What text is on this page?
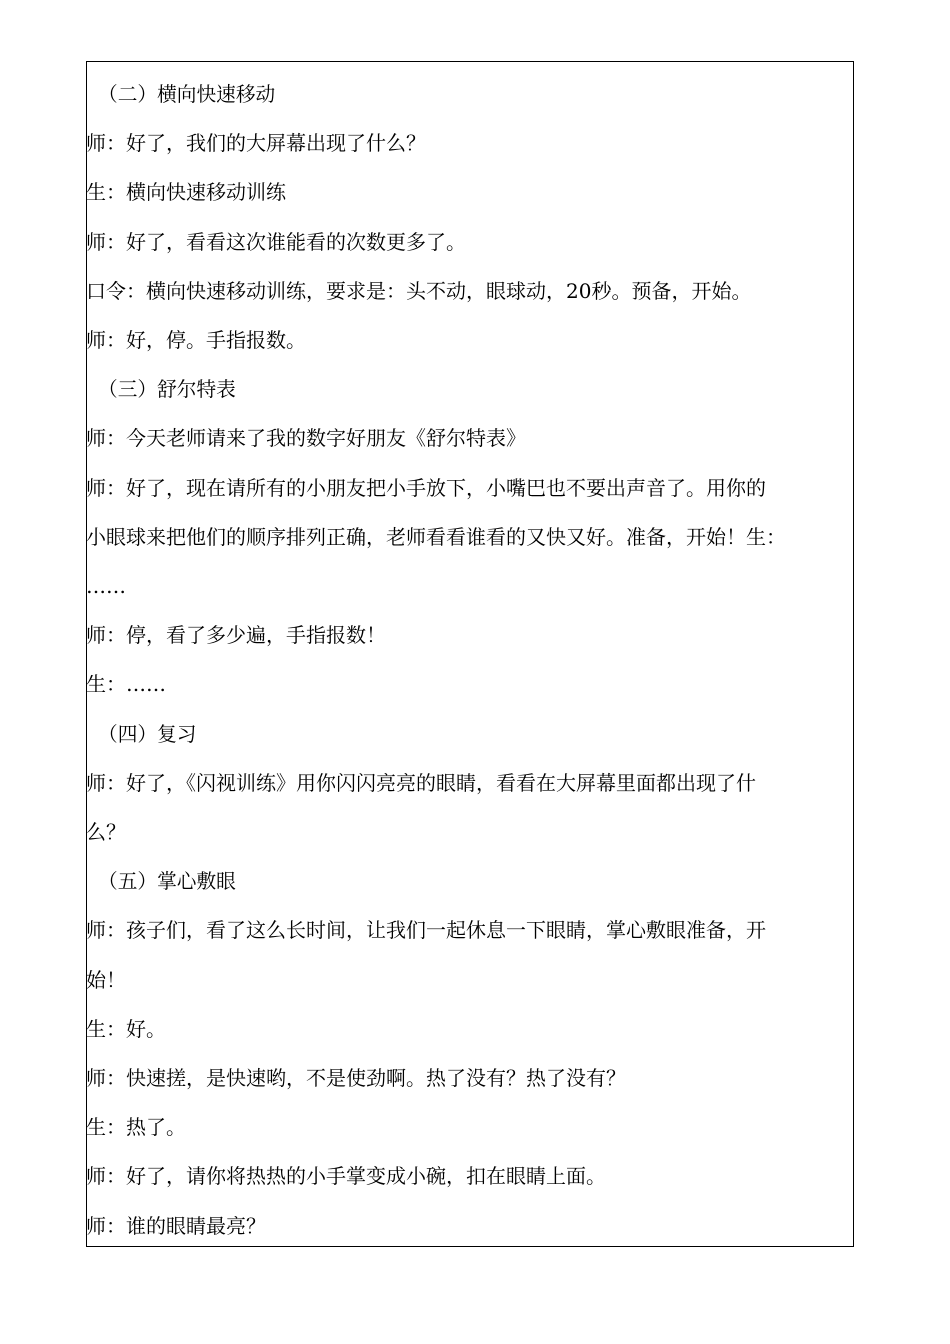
（二）横向快速移动
师：好了，我们的大屏幕出现了什么？
生：横向快速移动训练
师：好了，看看这次谁能看的次数更多了。
口令：横向快速移动训练，要求是：头不动，眼球动，20秒。预备，开始。
师：好，停。手指报数。
（三）舒尔特表
师：今天老师请来了我的数字好朋友《舒尔特表》
师：好了，现在请所有的小朋友把小手放下，小嘴巴也不要出声音了。用你的
小眼球来把他们的顺序排列正确，老师看看谁看的又快又好。准备，开始！生：
……
师：停，看了多少遍，手指报数！
生：……
（四）复习
师：好了，《闪视训练》用你闪闪亮亮的眼睛，看看在大屏幕里面都出现了什
么？
（五）掌心敷眼
师：孩子们，看了这么长时间，让我们一起休息一下眼睛，掌心敷眼准备，开
始！
生：好。
师：快速搓，是快速哟，不是使劲啊。热了没有？热了没有？
生：热了。
师：好了，请你将热热的小手掌变成小碗，扣在眼睛上面。
师：谁的眼睛最亮？
